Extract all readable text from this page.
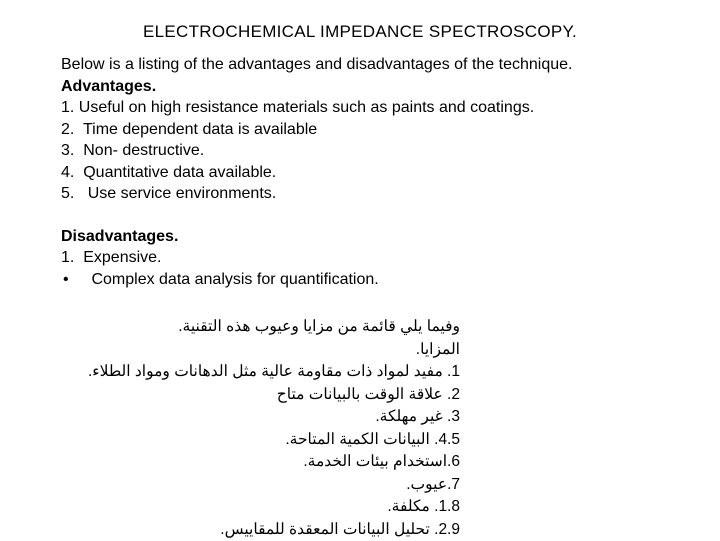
ELECTROCHEMICAL IMPEDANCE SPECTROSCOPY.
Below is a listing of the advantages and disadvantages of the technique.
Advantages.
1. Useful on high resistance materials such as paints and coatings.
2. Time dependent data is available
3. Non- destructive.
4. Quantitative data available.
5. Use service environments.
Disadvantages.
1. Expensive.
• Complex data analysis for quantification.
وفيما يلي قائمة من مزايا وعيوب هذه التقنية.
المزايا.
1. مفيد لمواد ذات مقاومة عالية مثل الدهانات ومواد الطلاء.
2. علاقة الوقت بالبيانات متاح
3. غير مهلكة.
4.5. البيانات الكمية المتاحة.
6.استخدام بيئات الخدمة.
7.عيوب.
1.8. مكلفة.
2.9. تحليل البيانات المعقدة للمقاييس.
